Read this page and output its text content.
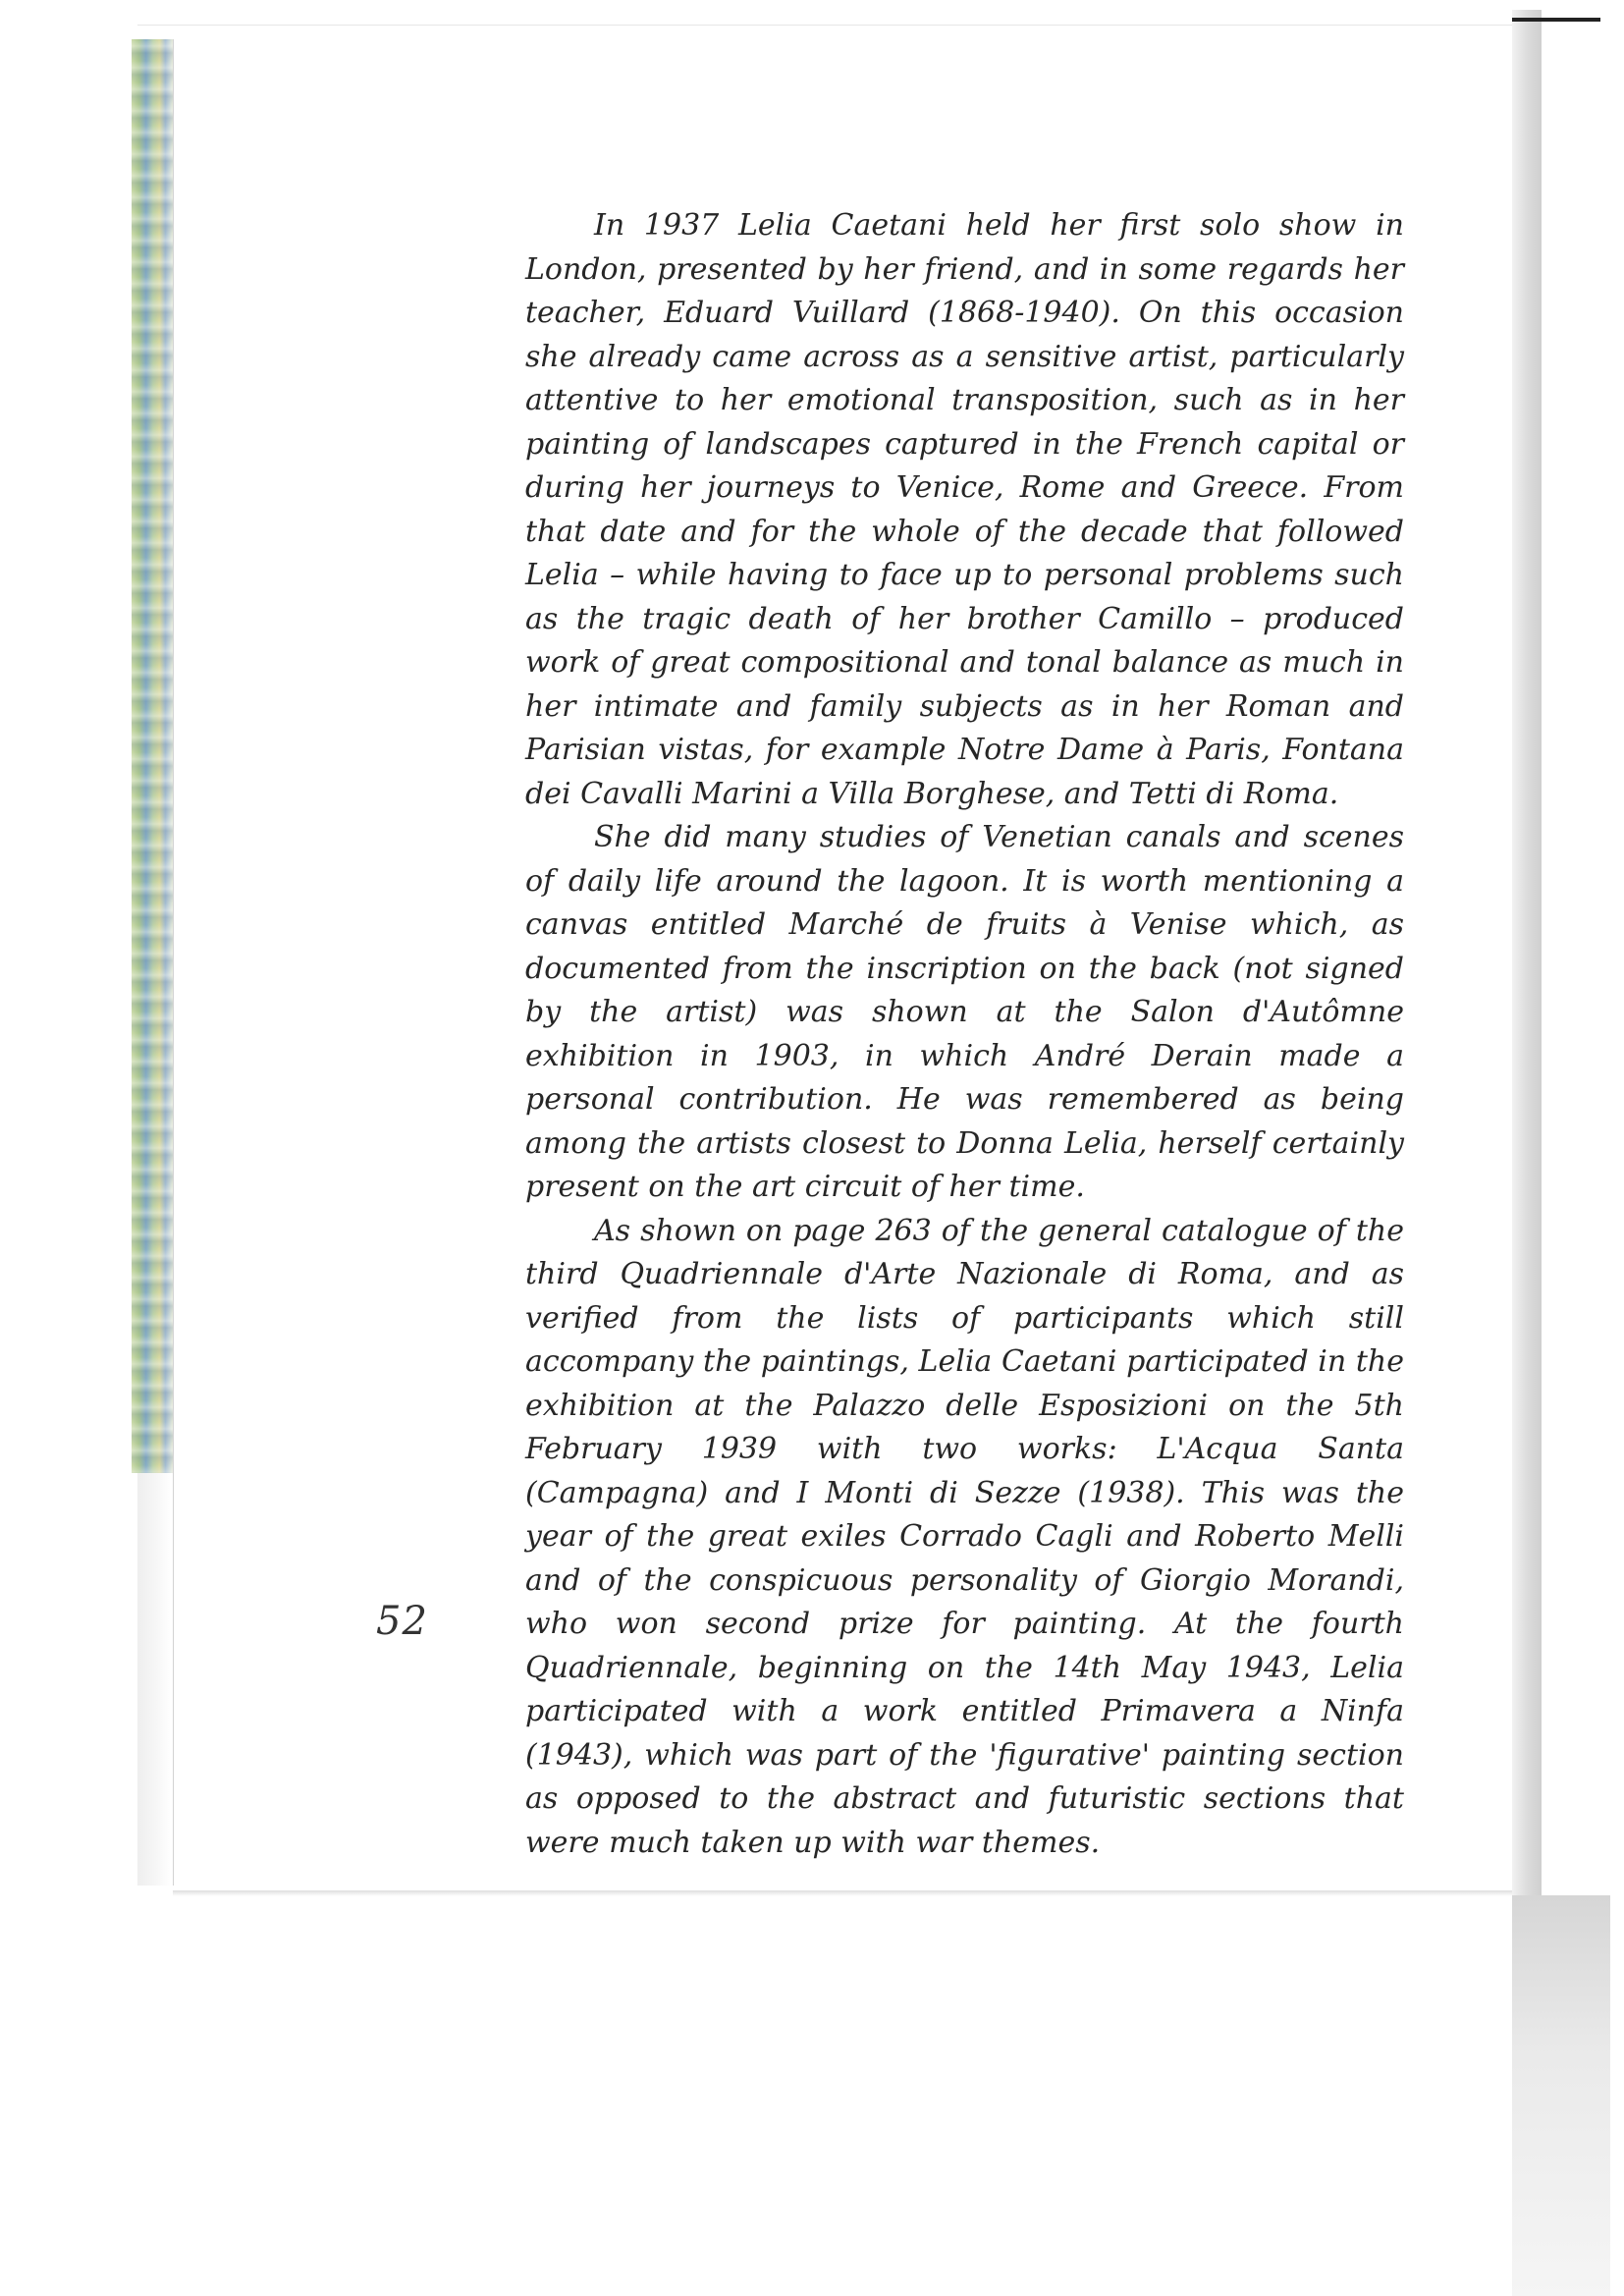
In 1937 Lelia Caetani held her first solo show in London, presented by her friend, and in some regards her teacher, Eduard Vuillard (1868-1940). On this occasion she already came across as a sensitive artist, particularly attentive to her emotional transposition, such as in her painting of landscapes captured in the French capital or during her journeys to Venice, Rome and Greece. From that date and for the whole of the decade that followed Lelia – while having to face up to personal problems such as the tragic death of her brother Camillo – produced work of great compositional and tonal balance as much in her intimate and family subjects as in her Roman and Parisian vistas, for example Notre Dame à Paris, Fontana dei Cavalli Marini a Villa Borghese, and Tetti di Roma.

She did many studies of Venetian canals and scenes of daily life around the lagoon. It is worth mentioning a canvas entitled Marché de fruits à Venise which, as documented from the inscription on the back (not signed by the artist) was shown at the Salon d'Autômne exhibition in 1903, in which André Derain made a personal contribution. He was remembered as being among the artists closest to Donna Lelia, herself certainly present on the art circuit of her time.

As shown on page 263 of the general catalogue of the third Quadriennale d'Arte Nazionale di Roma, and as verified from the lists of participants which still accompany the paintings, Lelia Caetani participated in the exhibition at the Palazzo delle Esposizioni on the 5th February 1939 with two works: L'Acqua Santa (Campagna) and I Monti di Sezze (1938). This was the year of the great exiles Corrado Cagli and Roberto Melli and of the conspicuous personality of Giorgio Morandi, who won second prize for painting. At the fourth Quadriennale, beginning on the 14th May 1943, Lelia participated with a work entitled Primavera a Ninfa (1943), which was part of the 'figurative' painting section as opposed to the abstract and futuristic sections that were much taken up with war themes.

52
